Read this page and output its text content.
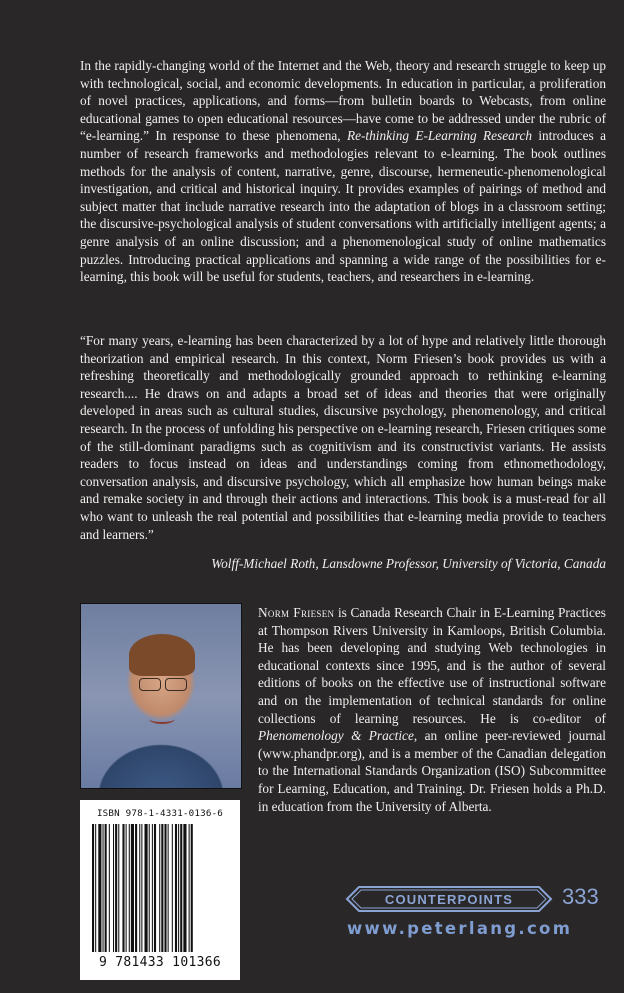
In the rapidly-changing world of the Internet and the Web, theory and research struggle to keep up with technological, social, and economic developments. In education in particular, a proliferation of novel practices, applications, and forms—from bulletin boards to Webcasts, from online educational games to open educational resources—have come to be addressed under the rubric of “e-learning.” In response to these phenomena, Re-thinking E-Learning Research introduces a number of research frameworks and methodologies relevant to e-learning. The book outlines methods for the analysis of content, narrative, genre, discourse, hermeneutic-phenomenological investigation, and critical and historical inquiry. It provides examples of pairings of method and subject matter that include narrative research into the adaptation of blogs in a classroom setting; the discursive-psychological analysis of student conversations with artificially intelligent agents; a genre analysis of an online discussion; and a phenomenological study of online mathematics puzzles. Introducing practical applications and spanning a wide range of the possibilities for e-learning, this book will be useful for students, teachers, and researchers in e-learning.

“For many years, e-learning has been characterized by a lot of hype and relatively little thorough theorization and empirical research. In this context, Norm Friesen’s book provides us with a refreshing theoretically and methodologically grounded approach to rethinking e-learning research.... He draws on and adapts a broad set of ideas and theories that were originally developed in areas such as cultural studies, discursive psychology, phenomenology, and critical research. In the process of unfolding his perspective on e-learning research, Friesen critiques some of the still-dominant paradigms such as cognitivism and its constructivist variants. He assists readers to focus instead on ideas and understandings coming from ethnomethodology, conversation analysis, and discursive psychology, which all emphasize how human beings make and remake society in and through their actions and interactions. This book is a must-read for all who want to unleash the real potential and possibilities that e-learning media provide to teachers and learners.”

Wolff-Michael Roth, Lansdowne Professor, University of Victoria, Canada

Norm Friesen is Canada Research Chair in E-Learning Practices at Thompson Rivers University in Kamloops, British Columbia. He has been developing and studying Web technologies in educational contexts since 1995, and is the author of several editions of books on the effective use of instructional software and on the implementation of technical standards for online collections of learning resources. He is co-editor of Phenomenology & Practice, an online peer-reviewed journal (www.phandpr.org), and is a member of the Canadian delegation to the International Standards Organization (ISO) Subcommittee for Learning, Education, and Training. Dr. Friesen holds a Ph.D. in education from the University of Alberta.

ISBN 978-1-4331-0136-6
9 781433 101366
COUNTERPOINTS 333
www.peterlang.com
